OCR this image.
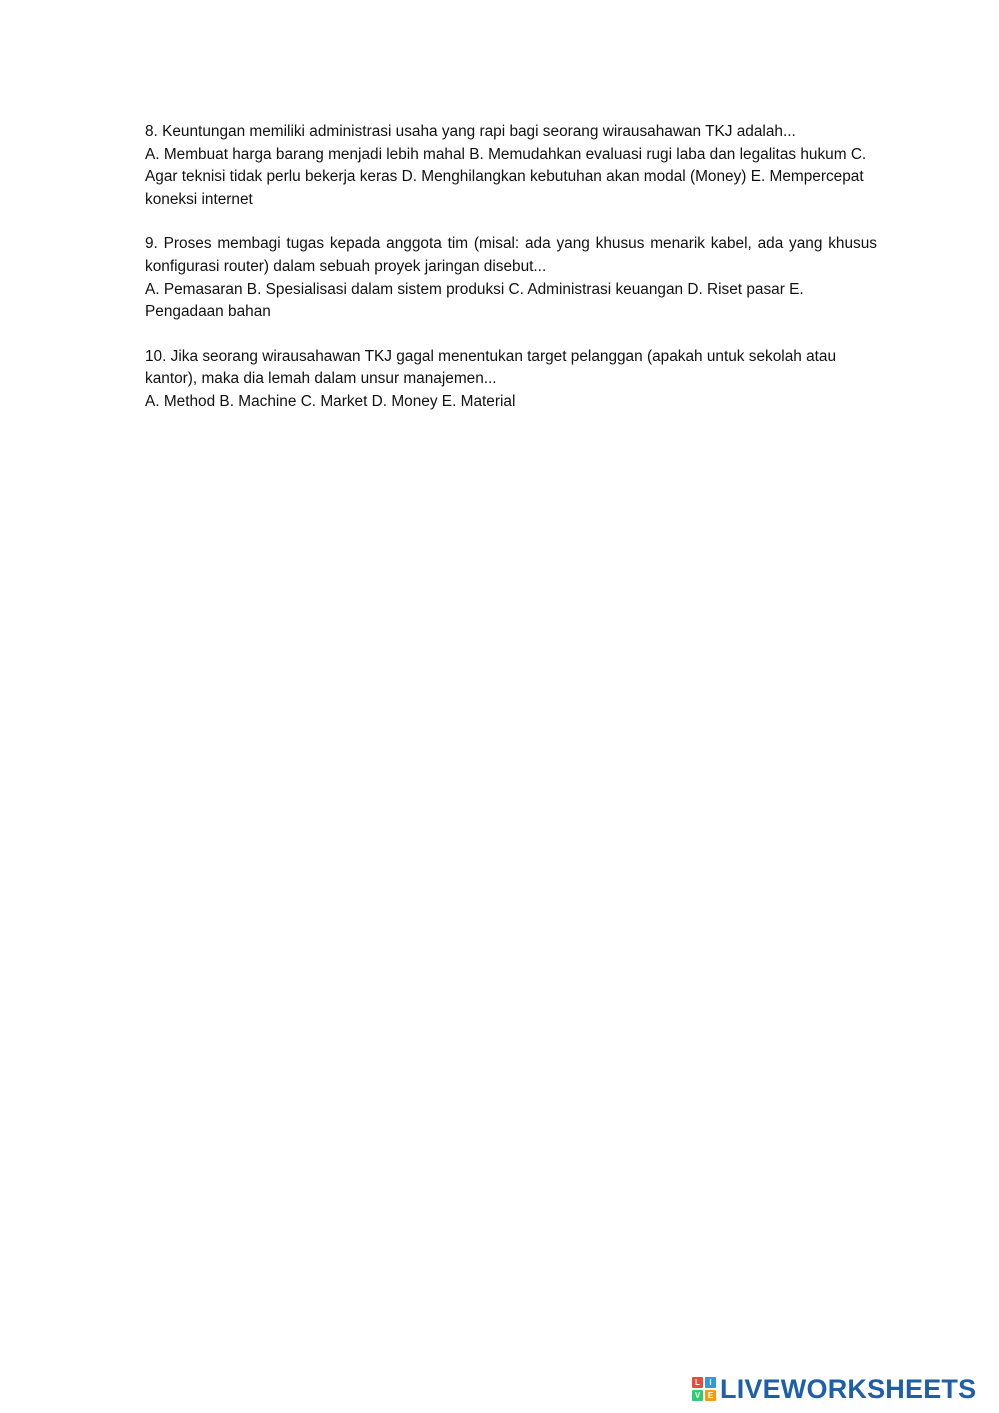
8. Keuntungan memiliki administrasi usaha yang rapi bagi seorang wirausahawan TKJ adalah...

A. Membuat harga barang menjadi lebih mahal B. Memudahkan evaluasi rugi laba dan legalitas hukum C. Agar teknisi tidak perlu bekerja keras D. Menghilangkan kebutuhan akan modal (Money) E. Mempercepat koneksi internet

9. Proses membagi tugas kepada anggota tim (misal: ada yang khusus menarik kabel, ada yang khusus konfigurasi router) dalam sebuah proyek jaringan disebut...

A. Pemasaran B. Spesialisasi dalam sistem produksi C. Administrasi keuangan D. Riset pasar E. Pengadaan bahan

10. Jika seorang wirausahawan TKJ gagal menentukan target pelanggan (apakah untuk sekolah atau kantor), maka dia lemah dalam unsur manajemen...

A. Method B. Machine C. Market D. Money E. Material

L	I
V E LIVEWORKSHEETS
